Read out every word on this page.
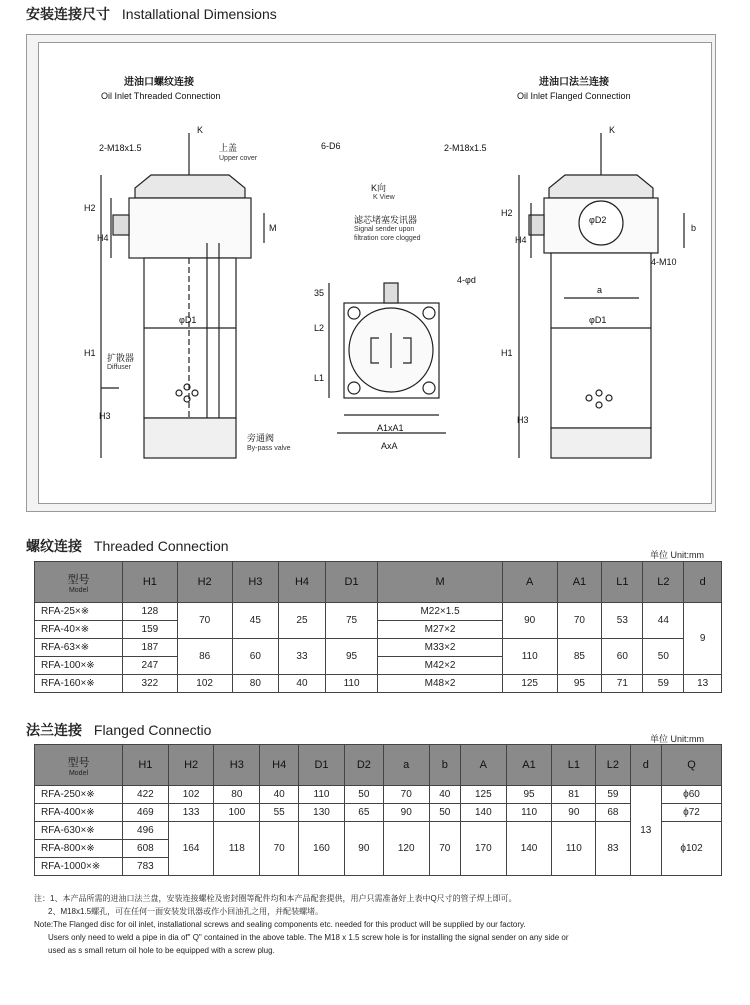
安装连接尺寸 Installational Dimensions
进油口螺纹连接
Oil Inlet Threaded Connection
进油口法兰连接
Oil Inlet Flanged Connection
K	K
2-M18x1.5	2-M18x1.5
上盖
Upper cover
6-D6
K向
K View
滤芯堵塞发讯器
Signal sender upon
filtration core clogged
4-φd
扩散器
Diffuser
旁通阀
By-pass valve
A1xA1
AxA
4-M10
H2
H4
H1
H3
M
φD1
35
L2
L1
H2
H4
H1
H3
φD2
b
a
φD1
螺纹连接 Threaded Connection
单位 Unit:mm
型号
Model	H1	H2	H3	H4	D1	M	A	A1	L1	L2	d
RFA-25×※	128	70	45	25	75	M22×1.5	90	70	53	44	9
RFA-40×※	159					M27×2					
RFA-63×※	187	86	60	33	95	M33×2	110	85	60	50	
RFA-100×※	247					M42×2					
RFA-160×※	322	102	80	40	110	M48×2	125	95	71	59	13
法兰连接 Flanged Connectio
单位 Unit:mm
型号
Model	H1	H2	H3	H4	D1	D2	a	b	A	A1	L1	L2	d	Q
RFA-250×※	422	102	80	40	110	50	70	40	125	95	81	59	13	ϕ60
RFA-400×※	469	133	100	55	130	65	90	50	140	110	90	68		ϕ72
RFA-630×※	496	164	118	70	160	90	120	70	170	140	110	83		ϕ102
RFA-800×※	608													
RFA-1000×※	783													
注：1、本产品所需的进油口法兰盘，安装连接螺栓及密封圈等配件均和本产品配套提供，用户只需准备好上表中Q尺寸的管子焊上即可。
2、M18x1.5螺孔，可在任何一面安装发讯器或作小回油孔之用，并配装螺堵。
Note:The Flanged disc for oil inlet, installational screws and sealing components etc. needed for this product will be supplied by our factory.
Users only need to weld a pipe in dia of" Q" contained in the above table. The M18 x 1.5 screw hole is for installing the signal sender on any side or
used as s small return oil hole to be equipped with a screw plug.
